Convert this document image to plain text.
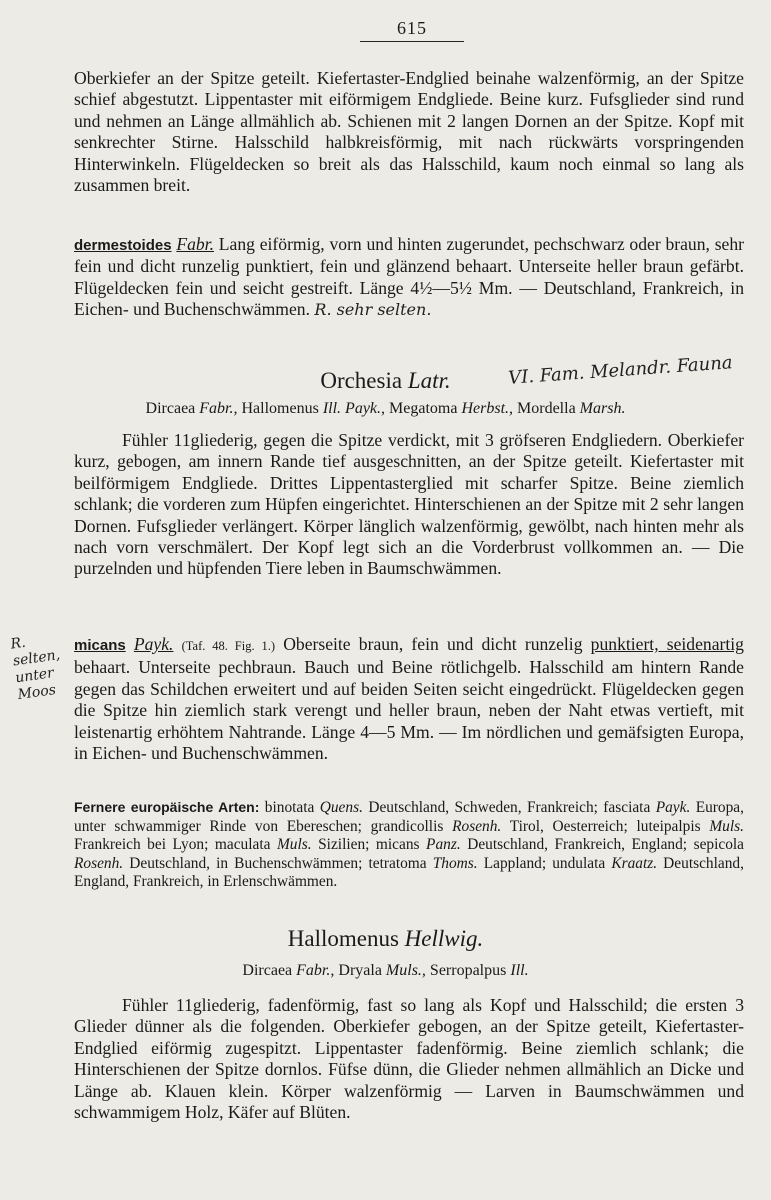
615

Oberkiefer an der Spitze geteilt. Kiefertaster-Endglied beinahe walzenförmig, an der Spitze schief abgestutzt. Lippentaster mit eiförmigem Endgliede. Beine kurz. Fufsglieder sind rund und nehmen an Länge allmählich ab. Schienen mit 2 langen Dornen an der Spitze. Kopf mit senkrechter Stirne. Halsschild halbkreisförmig, mit nach rückwärts vorspringenden Hinterwinkeln. Flügeldecken so breit als das Halsschild, kaum noch einmal so lang als zusammen breit.

dermestoides Fabr. Lang eiförmig, vorn und hinten zugerundet, pechschwarz oder braun, sehr fein und dicht runzelig punktiert, fein und glänzend behaart. Unterseite heller braun gefärbt. Flügeldecken fein und seicht gestreift. Länge 4½—5½ Mm. — Deutschland, Frankreich, in Eichen- und Buchenschwämmen. R. sehr selten.

Orchesia Latr.	VI. Fam. Melandr. Fauna
Dircaea Fabr., Hallomenus Ill. Payk., Megatoma Herbst., Mordella Marsh.

Fühler 11gliederig, gegen die Spitze verdickt, mit 3 gröfseren Endgliedern. Oberkiefer kurz, gebogen, am innern Rande tief ausgeschnitten, an der Spitze geteilt. Kiefertaster mit beilförmigem Endgliede. Drittes Lippentasterglied mit scharfer Spitze. Beine ziemlich schlank; die vorderen zum Hüpfen eingerichtet. Hinterschienen an der Spitze mit 2 sehr langen Dornen. Fufsglieder verlängert. Körper länglich walzenförmig, gewölbt, nach hinten mehr als nach vorn verschmälert. Der Kopf legt sich an die Vorderbrust vollkommen an. — Die purzelnden und hüpfenden Tiere leben in Baumschwämmen.

R. selten, unter Moos

micans Payk. (Taf. 48. Fig. 1.) Oberseite braun, fein und dicht runzelig punktiert, seidenartig behaart. Unterseite pechbraun. Bauch und Beine rötlichgelb. Halsschild am hintern Rande gegen das Schildchen erweitert und auf beiden Seiten seicht eingedrückt. Flügeldecken gegen die Spitze hin ziemlich stark verengt und heller braun, neben der Naht etwas vertieft, mit leistenartig erhöhtem Nahtrande. Länge 4—5 Mm. — Im nördlichen und gemäfsigten Europa, in Eichen- und Buchenschwämmen.

Fernere europäische Arten: binotata Quens. Deutschland, Schweden, Frankreich; fasciata Payk. Europa, unter schwammiger Rinde von Ebereschen; grandicollis Rosenh. Tirol, Oesterreich; luteipalpis Muls. Frankreich bei Lyon; maculata Muls. Sizilien; micans Panz. Deutschland, Frankreich, England; sepicola Rosenh. Deutschland, in Buchenschwämmen; tetratoma Thoms. Lappland; undulata Kraatz. Deutschland, England, Frankreich, in Erlenschwämmen.

Hallomenus Hellwig.
Dircaea Fabr., Dryala Muls., Serropalpus Ill.

Fühler 11gliederig, fadenförmig, fast so lang als Kopf und Halsschild; die ersten 3 Glieder dünner als die folgenden. Oberkiefer gebogen, an der Spitze geteilt, Kiefertaster-Endglied eiförmig zugespitzt. Lippentaster fadenförmig. Beine ziemlich schlank; die Hinterschienen der Spitze dornlos. Füfse dünn, die Glieder nehmen allmählich an Dicke und Länge ab. Klauen klein. Körper walzenförmig — Larven in Baumschwämmen und schwammigem Holz, Käfer auf Blüten.
